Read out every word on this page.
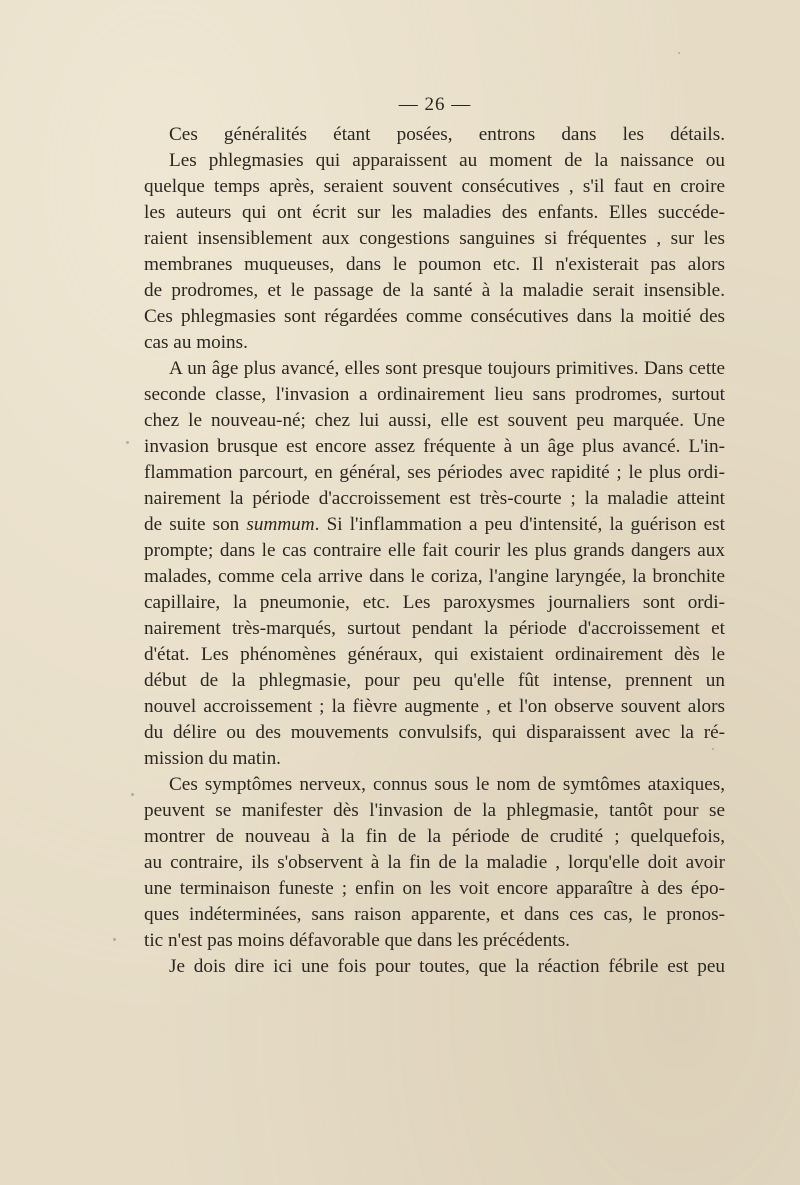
— 26 —
Ces généralités étant posées, entrons dans les détails.
Les phlegmasies qui apparaissent au moment de la naissance ou
quelque temps après, seraient souvent consécutives , s'il faut en croire
les auteurs qui ont écrit sur les maladies des enfants. Elles succéde-
raient insensiblement aux congestions sanguines si fréquentes , sur les
membranes muqueuses, dans le poumon etc. Il n'existerait pas alors
de prodromes, et le passage de la santé à la maladie serait insensible.
Ces phlegmasies sont régardées comme consécutives dans la moitié des
cas au moins.
A un âge plus avancé, elles sont presque toujours primitives. Dans cette
seconde classe, l'invasion a ordinairement lieu sans prodromes, surtout
chez le nouveau-né; chez lui aussi, elle est souvent peu marquée. Une
invasion brusque est encore assez fréquente à un âge plus avancé. L'in-
flammation parcourt, en général, ses périodes avec rapidité ; le plus ordi-
nairement la période d'accroissement est très-courte ; la maladie atteint
de suite son summum. Si l'inflammation a peu d'intensité, la guérison est
prompte; dans le cas contraire elle fait courir les plus grands dangers aux
malades, comme cela arrive dans le coriza, l'angine laryngée, la bronchite
capillaire, la pneumonie, etc. Les paroxysmes journaliers sont ordi-
nairement très-marqués, surtout pendant la période d'accroissement et
d'état. Les phénomènes généraux, qui existaient ordinairement dès le
début de la phlegmasie, pour peu qu'elle fût intense, prennent un
nouvel accroissement ; la fièvre augmente , et l'on observe souvent alors
du délire ou des mouvements convulsifs, qui disparaissent avec la ré-
mission du matin.
Ces symptômes nerveux, connus sous le nom de symtômes ataxiques,
peuvent se manifester dès l'invasion de la phlegmasie, tantôt pour se
montrer de nouveau à la fin de la période de crudité ; quelquefois,
au contraire, ils s'observent à la fin de la maladie , lorqu'elle doit avoir
une terminaison funeste ; enfin on les voit encore apparaître à des épo-
ques indéterminées, sans raison apparente, et dans ces cas, le pronos-
tic n'est pas moins défavorable que dans les précédents.
Je dois dire ici une fois pour toutes, que la réaction fébrile est peu
